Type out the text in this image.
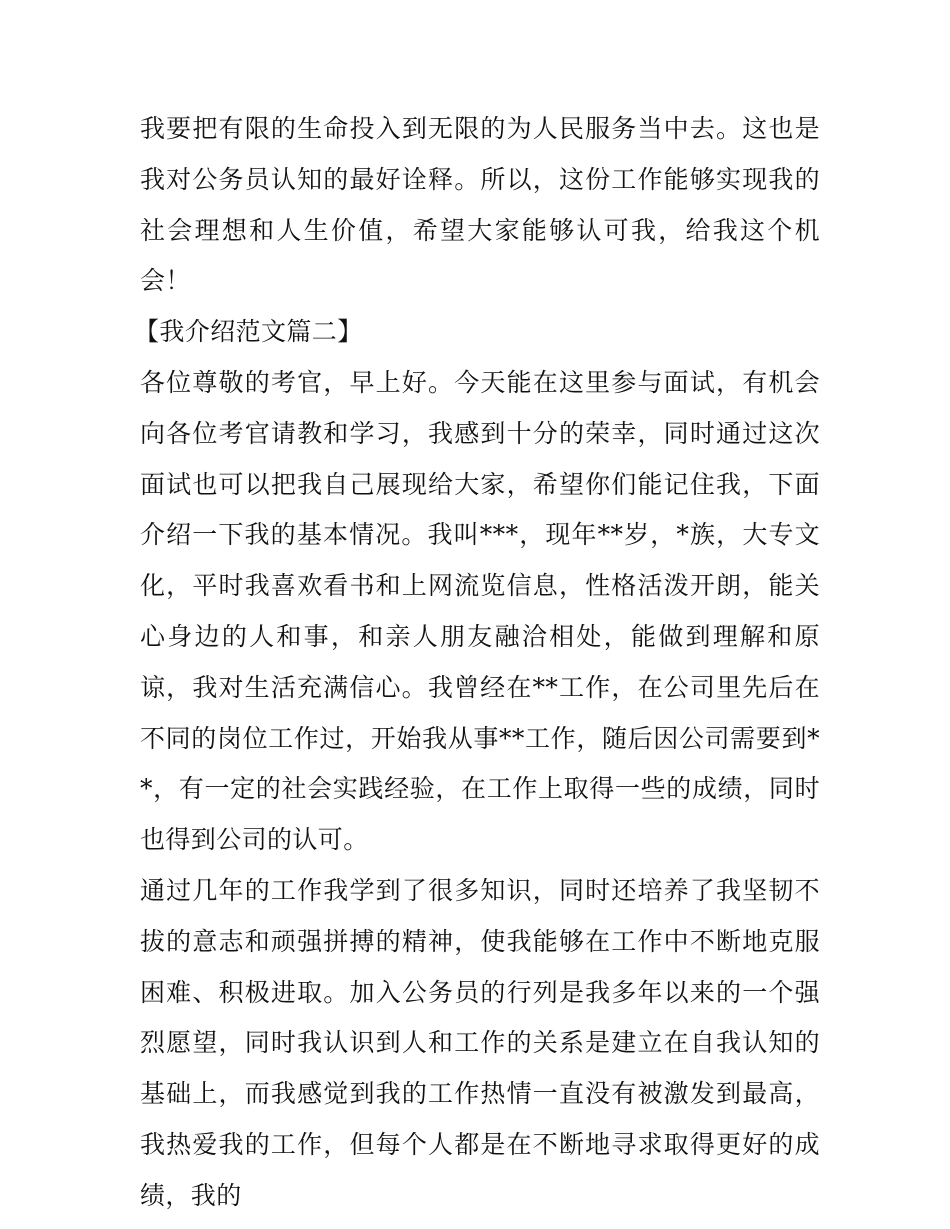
我要把有限的生命投入到无限的为人民服务当中去。这也是我对公务员认知的最好诠释。所以，这份工作能够实现我的社会理想和人生价值，希望大家能够认可我，给我这个机会！

【我介绍范文篇二】

各位尊敬的考官，早上好。今天能在这里参与面试，有机会向各位考官请教和学习，我感到十分的荣幸，同时通过这次面试也可以把我自己展现给大家，希望你们能记住我，下面介绍一下我的基本情况。我叫***，现年**岁，*族，大专文化，平时我喜欢看书和上网流览信息，性格活泼开朗，能关心身边的人和事，和亲人朋友融洽相处，能做到理解和原谅，我对生活充满信心。我曾经在**工作，在公司里先后在不同的岗位工作过，开始我从事**工作，随后因公司需要到**，有一定的社会实践经验，在工作上取得一些的成绩，同时也得到公司的认可。

通过几年的工作我学到了很多知识，同时还培养了我坚韧不拔的意志和顽强拼搏的精神，使我能够在工作中不断地克服困难、积极进取。加入公务员的行列是我多年以来的一个强烈愿望，同时我认识到人和工作的关系是建立在自我认知的基础上，而我感觉到我的工作热情一直没有被激发到最高，我热爱我的工作，但每个人都是在不断地寻求取得更好的成绩，我的
